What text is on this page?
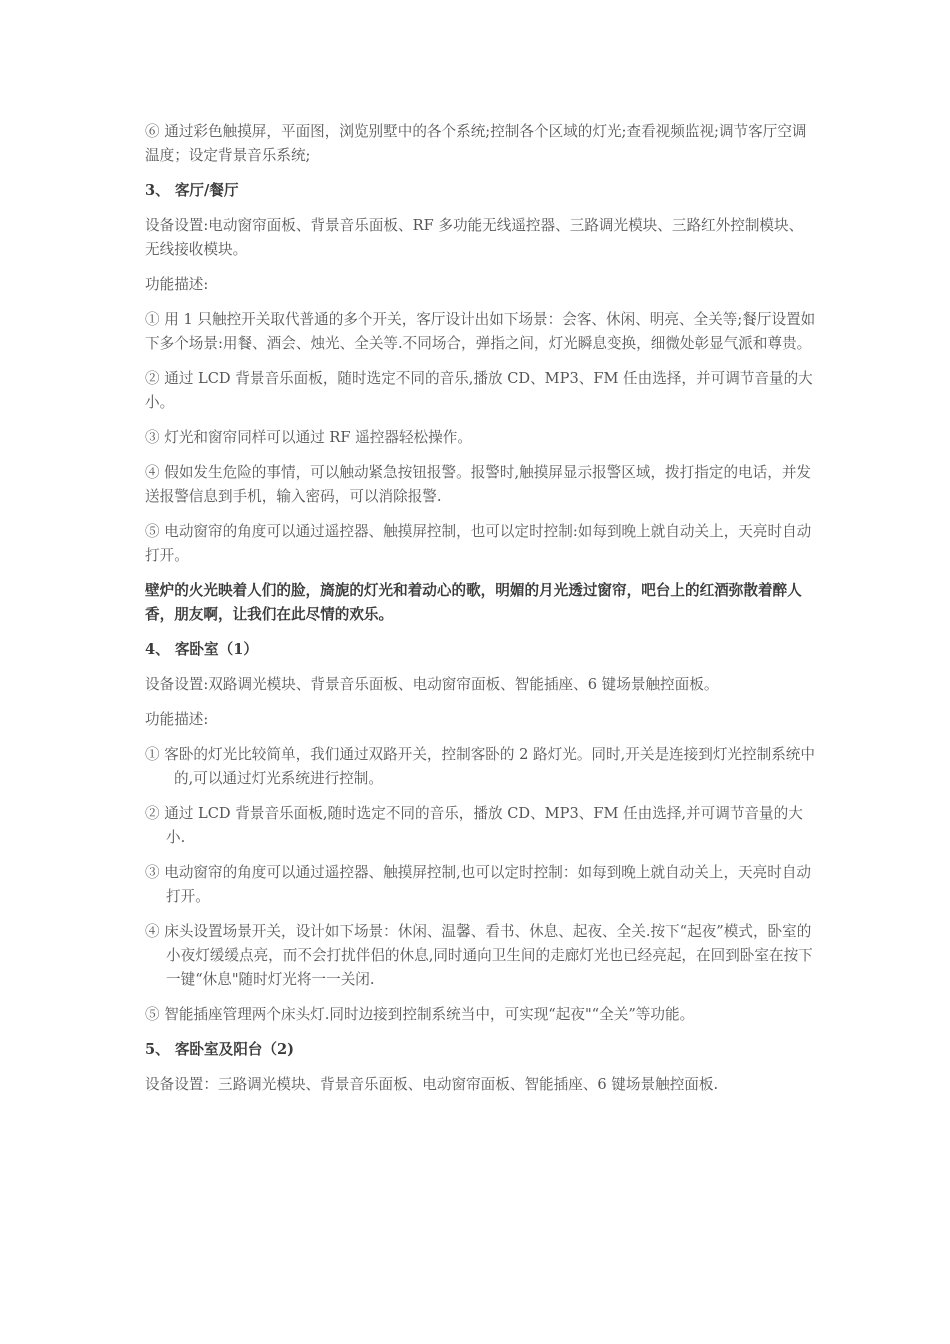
⑥ 通过彩色触摸屏，平面图，浏览别墅中的各个系统;控制各个区域的灯光;查看视频监视;调节客厅空调温度；设定背景音乐系统;
3、 客厅/餐厅
设备设置:电动窗帘面板、背景音乐面板、RF 多功能无线遥控器、三路调光模块、三路红外控制模块、无线接收模块。
功能描述:
① 用 1 只触控开关取代普通的多个开关，客厅设计出如下场景：会客、休闲、明亮、全关等;餐厅设置如下多个场景:用餐、酒会、烛光、全关等.不同场合，弹指之间，灯光瞬息变换，细微处彰显气派和尊贵。
② 通过 LCD 背景音乐面板，随时选定不同的音乐,播放 CD、MP3、FM 任由选择，并可调节音量的大小。
③ 灯光和窗帘同样可以通过 RF 遥控器轻松操作。
④ 假如发生危险的事情，可以触动紧急按钮报警。报警时,触摸屏显示报警区域，拨打指定的电话，并发送报警信息到手机，输入密码，可以消除报警.
⑤ 电动窗帘的角度可以通过遥控器、触摸屏控制，也可以定时控制:如每到晚上就自动关上，天亮时自动打开。
壁炉的火光映着人们的脸，旖旎的灯光和着动心的歌，明媚的月光透过窗帘，吧台上的红酒弥散着醉人香，朋友啊，让我们在此尽情的欢乐。
4、 客卧室（1）
设备设置:双路调光模块、背景音乐面板、电动窗帘面板、智能插座、6 键场景触控面板。
功能描述:
① 客卧的灯光比较简单，我们通过双路开关，控制客卧的 2 路灯光。同时,开关是连接到灯光控制系统中的,可以通过灯光系统进行控制。
② 通过 LCD 背景音乐面板,随时选定不同的音乐，播放 CD、MP3、FM 任由选择,并可调节音量的大小.
③ 电动窗帘的角度可以通过遥控器、触摸屏控制,也可以定时控制：如每到晚上就自动关上，天亮时自动打开。
④ 床头设置场景开关，设计如下场景：休闲、温馨、看书、休息、起夜、全关.按下“起夜”模式，卧室的小夜灯缓缓点亮，而不会打扰伴侣的休息,同时通向卫生间的走廊灯光也已经亮起，在回到卧室在按下一键“休息"随时灯光将一一关闭.
⑤ 智能插座管理两个床头灯.同时边接到控制系统当中，可实现“起夜"“全关”等功能。
5、 客卧室及阳台（2)
设备设置：三路调光模块、背景音乐面板、电动窗帘面板、智能插座、6 键场景触控面板.
